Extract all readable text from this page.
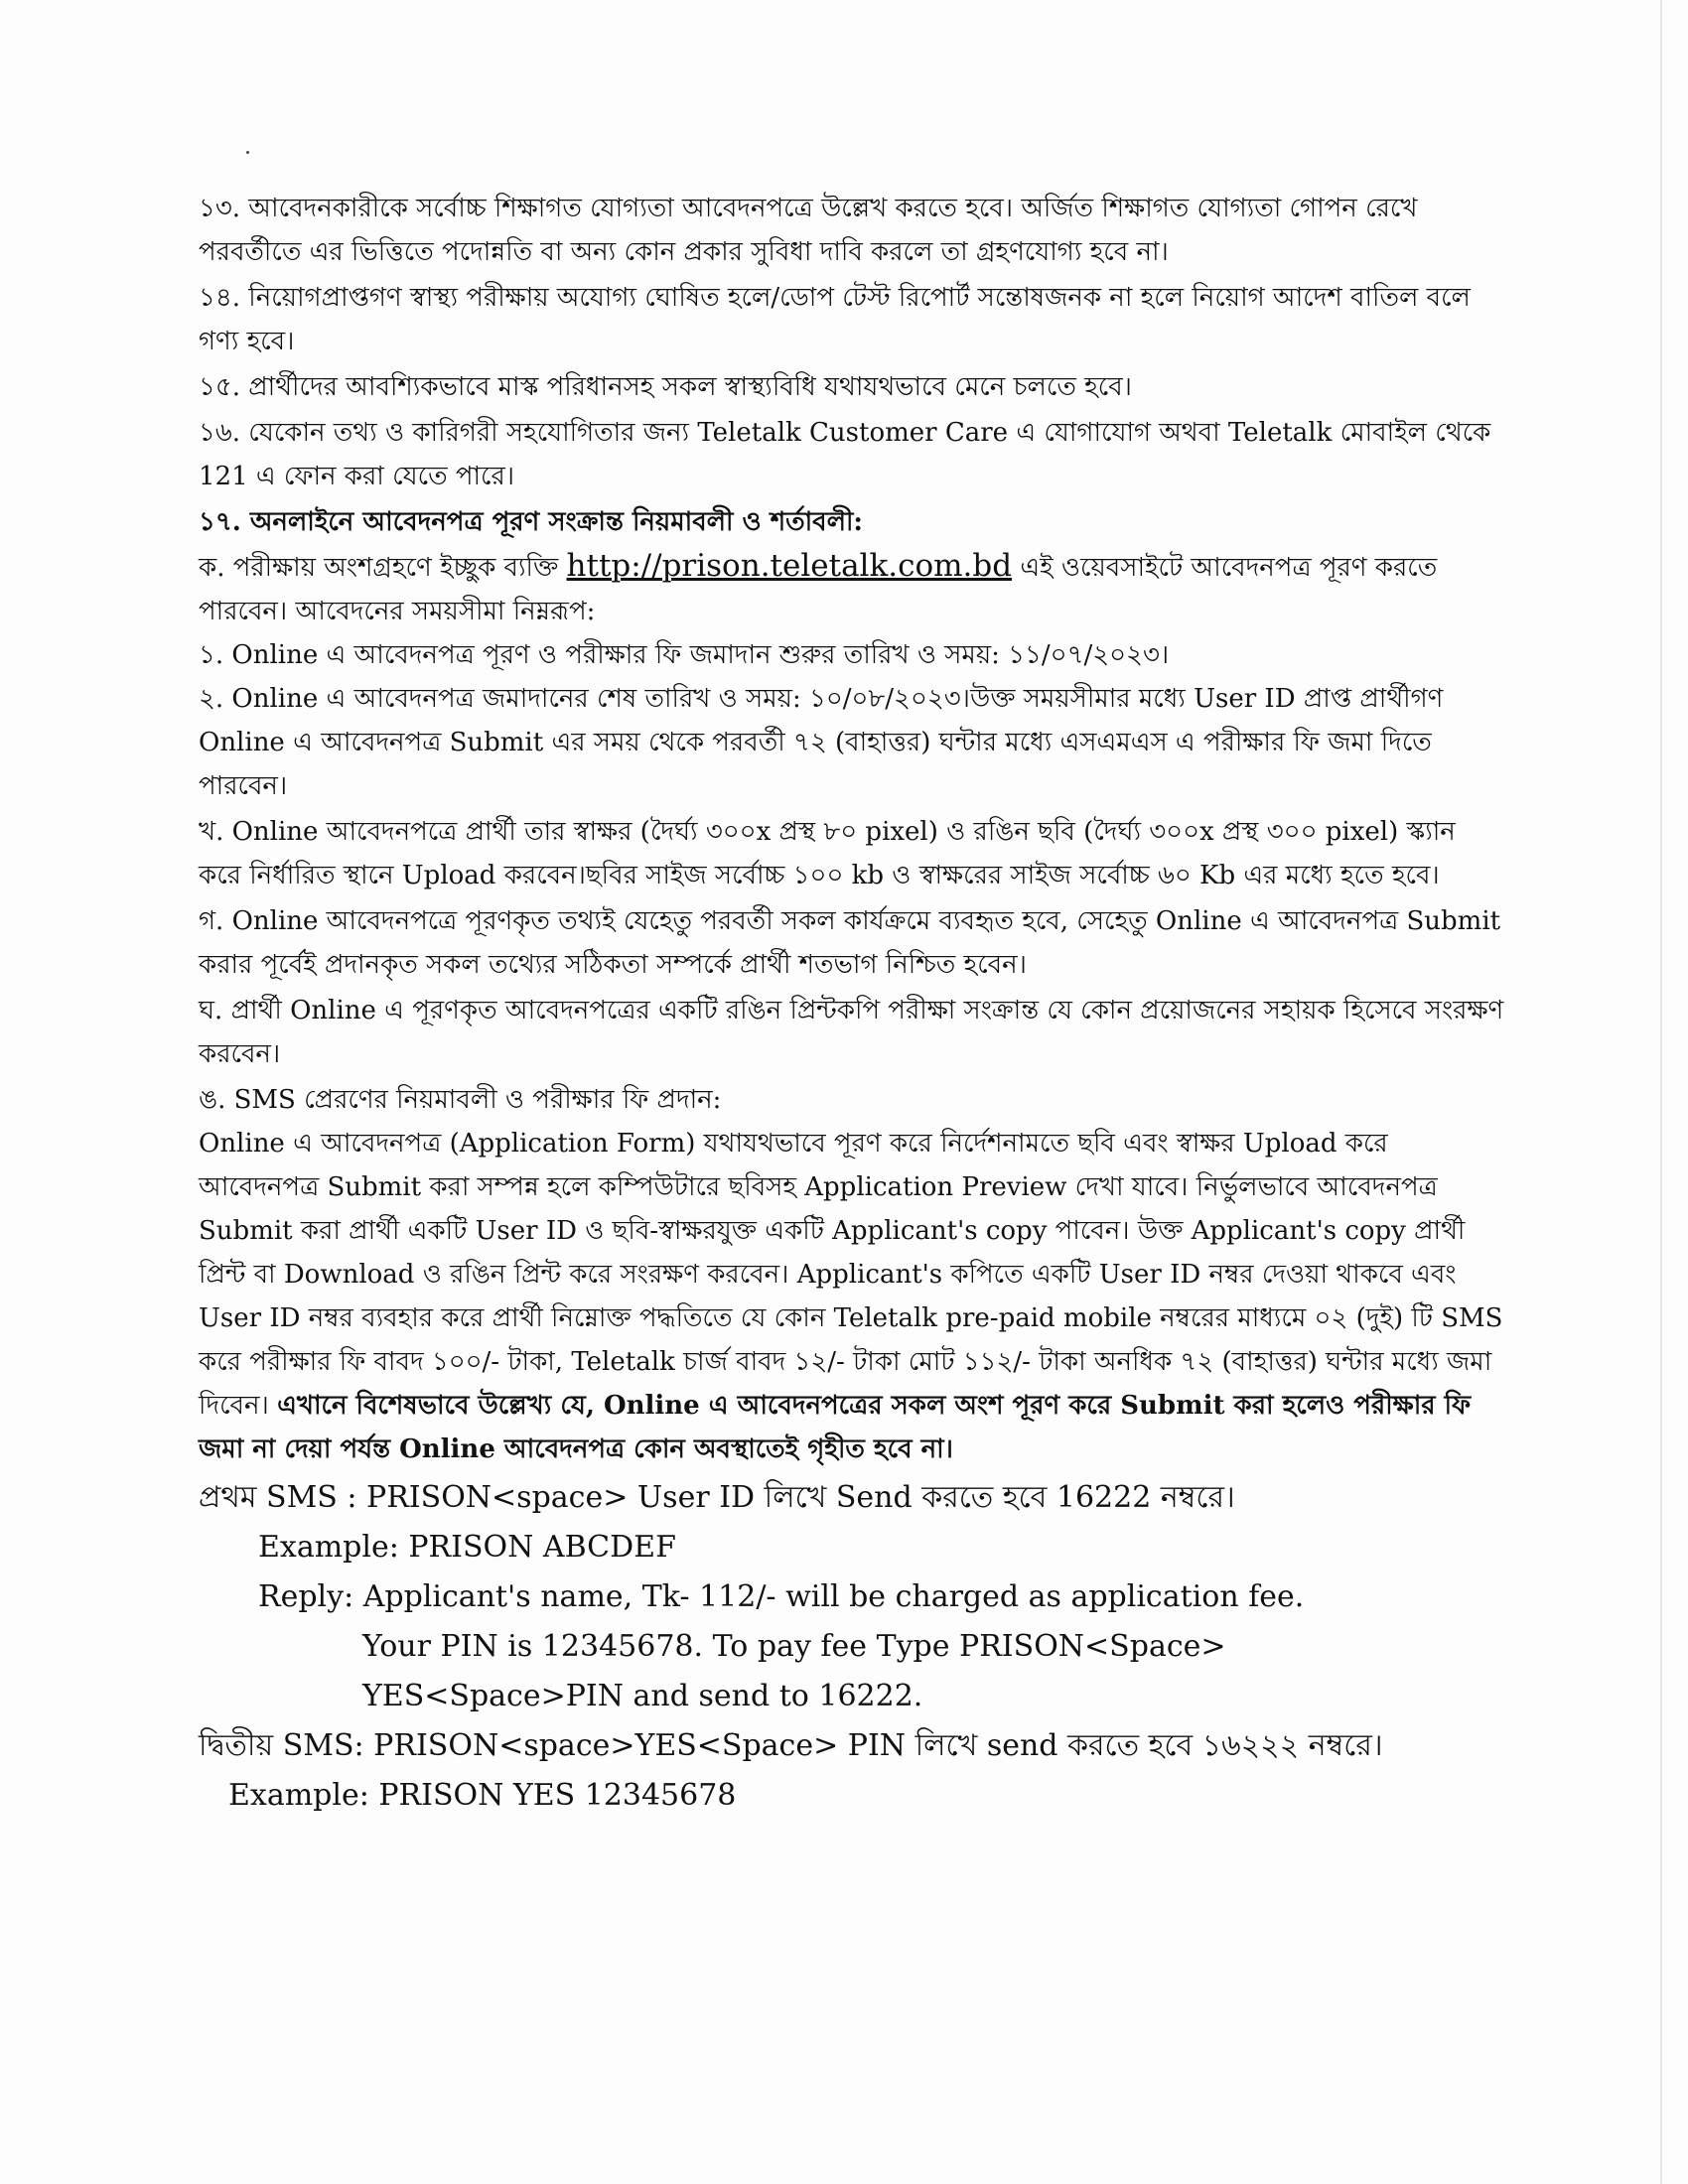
১৩. আবেদনকারীকে সর্বোচ্চ শিক্ষাগত যোগ্যতা আবেদনপত্রে উল্লেখ করতে হবে। অর্জিত শিক্ষাগত যোগ্যতা গোপন রেখে পরবর্তীতে এর ভিত্তিতে পদোন্নতি বা অন্য কোন প্রকার সুবিধা দাবি করলে তা গ্রহণযোগ্য হবে না।

১৪. নিয়োগপ্রাপ্তগণ স্বাস্থ্য পরীক্ষায় অযোগ্য ঘোষিত হলে/ডোপ টেস্ট রিপোর্ট সন্তোষজনক না হলে নিয়োগ আদেশ বাতিল বলে গণ্য হবে।

১৫. প্রার্থীদের আবশ্যিকভাবে মাস্ক পরিধানসহ সকল স্বাস্থ্যবিধি যথাযথভাবে মেনে চলতে হবে।

১৬. যেকোন তথ্য ও কারিগরী সহযোগিতার জন্য Teletalk Customer Care এ যোগাযোগ অথবা Teletalk মোবাইল থেকে 121 এ ফোন করা যেতে পারে।

১৭. অনলাইনে আবেদনপত্র পূরণ সংক্রান্ত নিয়মাবলী ও শর্তাবলী:

ক. পরীক্ষায় অংশগ্রহণে ইচ্ছুক ব্যক্তি http://prison.teletalk.com.bd এই ওয়েবসাইটে আবেদনপত্র পূরণ করতে পারবেন। আবেদনের সময়সীমা নিম্নরূপ:

১. Online এ আবেদনপত্র পূরণ ও পরীক্ষার ফি জমাদান শুরুর তারিখ ও সময়: ১১/০৭/২০২৩।

২. Online এ আবেদনপত্র জমাদানের শেষ তারিখ ও সময়: ১০/০৮/২০২৩।উক্ত সময়সীমার মধ্যে User ID প্রাপ্ত প্রার্থীগণ Online এ আবেদনপত্র Submit এর সময় থেকে পরবর্তী ৭২ (বাহাত্তর) ঘন্টার মধ্যে এসএমএস এ পরীক্ষার ফি জমা দিতে পারবেন।

খ. Online আবেদনপত্রে প্রার্থী তার স্বাক্ষর (দৈর্ঘ্য ৩০০x প্রস্থ ৮০ pixel) ও রঙিন ছবি (দৈর্ঘ্য ৩০০x প্রস্থ ৩০০ pixel) স্ক্যান করে নির্ধারিত স্থানে Upload করবেন।ছবির সাইজ সর্বোচ্চ ১০০ kb ও স্বাক্ষরের সাইজ সর্বোচ্চ ৬০ Kb এর মধ্যে হতে হবে।

গ. Online আবেদনপত্রে পূরণকৃত তথ্যই যেহেতু পরবর্তী সকল কার্যক্রমে ব্যবহৃত হবে, সেহেতু Online এ আবেদনপত্র Submit করার পূর্বেই প্রদানকৃত সকল তথ্যের সঠিকতা সম্পর্কে প্রার্থী শতভাগ নিশ্চিত হবেন।

ঘ. প্রার্থী Online এ পূরণকৃত আবেদনপত্রের একটি রঙিন প্রিন্টকপি পরীক্ষা সংক্রান্ত যে কোন প্রয়োজনের সহায়ক হিসেবে সংরক্ষণ করবেন।

ঙ. SMS প্রেরণের নিয়মাবলী ও পরীক্ষার ফি প্রদান:

Online এ আবেদনপত্র (Application Form) যথাযথভাবে পূরণ করে নির্দেশনামতে ছবি এবং স্বাক্ষর Upload করে আবেদনপত্র Submit করা সম্পন্ন হলে কম্পিউটারে ছবিসহ Application Preview দেখা যাবে। নির্ভুলভাবে আবেদনপত্র Submit করা প্রার্থী একটি User ID ও ছবি-স্বাক্ষরযুক্ত একটি Applicant's copy পাবেন। উক্ত Applicant's copy প্রার্থী প্রিন্ট বা Download ও রঙিন প্রিন্ট করে সংরক্ষণ করবেন। Applicant's কপিতে একটি User ID নম্বর দেওয়া থাকবে এবং User ID নম্বর ব্যবহার করে প্রার্থী নিম্নোক্ত পদ্ধতিতে যে কোন Teletalk pre-paid mobile নম্বরের মাধ্যমে ০২ (দুই) টি SMS করে পরীক্ষার ফি বাবদ ১০০/- টাকা, Teletalk চার্জ বাবদ ১২/- টাকা মোট ১১২/- টাকা অনধিক ৭২ (বাহাত্তর) ঘন্টার মধ্যে জমা দিবেন। এখানে বিশেষভাবে উল্লেখ্য যে, Online এ আবেদনপত্রের সকল অংশ পূরণ করে Submit করা হলেও পরীক্ষার ফি জমা না দেয়া পর্যন্ত Online আবেদনপত্র কোন অবস্থাতেই গৃহীত হবে না।

প্রথম SMS : PRISON<space> User ID লিখে Send করতে হবে 16222 নম্বরে।

Example: PRISON ABCDEF

Reply: Applicant's name, Tk- 112/- will be charged as application fee.

Your PIN is 12345678. To pay fee Type PRISON<Space>

YES<Space>PIN and send to 16222.

দ্বিতীয় SMS: PRISON<space>YES<Space> PIN লিখে send করতে হবে ১৬২২২ নম্বরে।

Example: PRISON YES 12345678
